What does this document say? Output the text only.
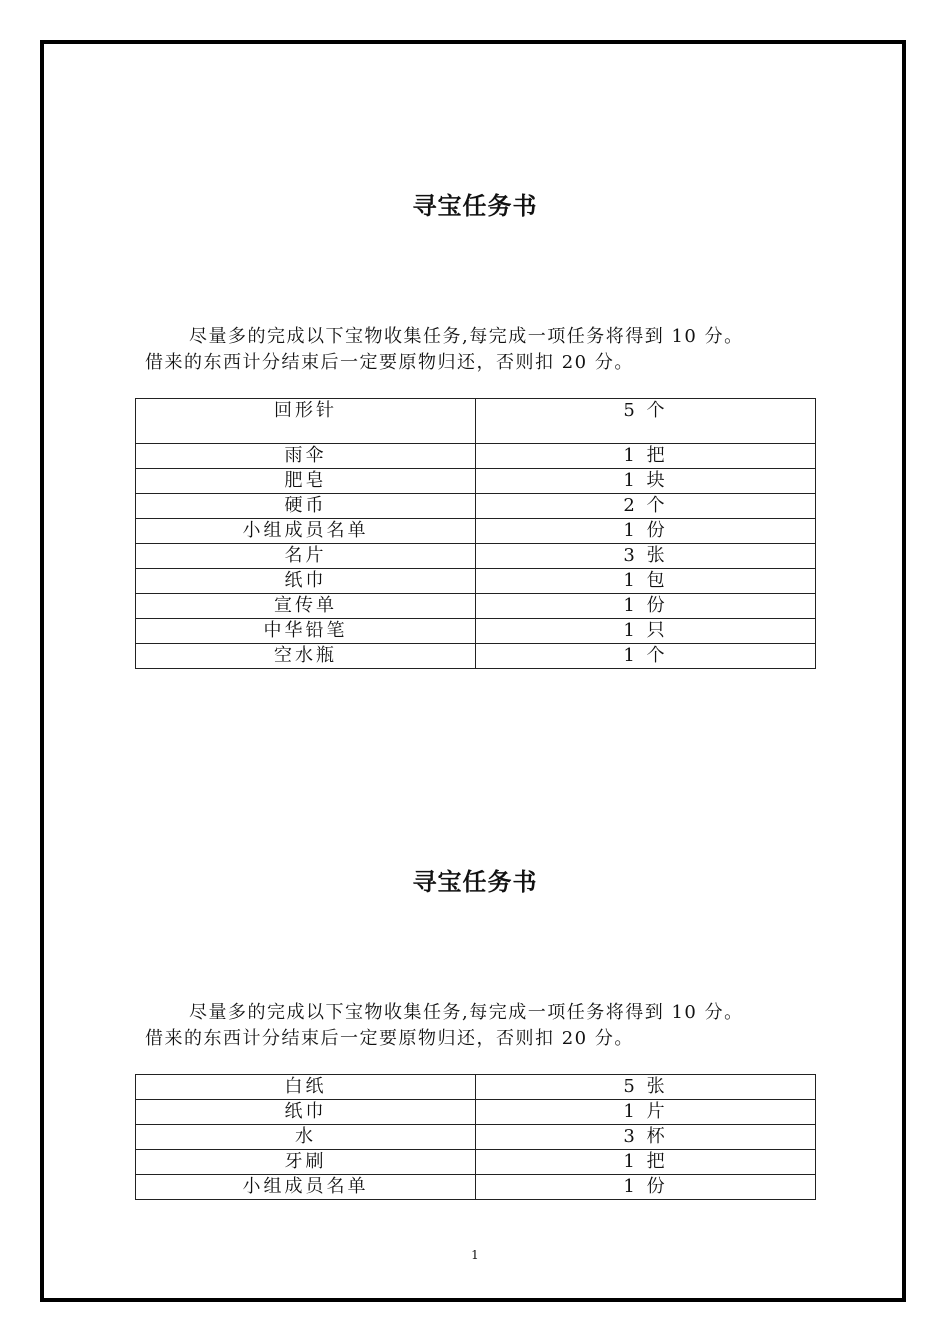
寻宝任务书

尽量多的完成以下宝物收集任务,每完成一项任务将得到 10 分。
借来的东西计分结束后一定要原物归还，否则扣 20 分。

回形针	5 个
雨伞	1 把
肥皂	1 块
硬币	2 个
小组成员名单	1 份
名片	3 张
纸巾	1 包
宣传单	1 份
中华铅笔	1 只
空水瓶	1 个
寻宝任务书

尽量多的完成以下宝物收集任务,每完成一项任务将得到 10 分。
借来的东西计分结束后一定要原物归还，否则扣 20 分。

白纸	5 张
纸巾	1 片
水	3 杯
牙刷	1 把
小组成员名单	1 份
1
